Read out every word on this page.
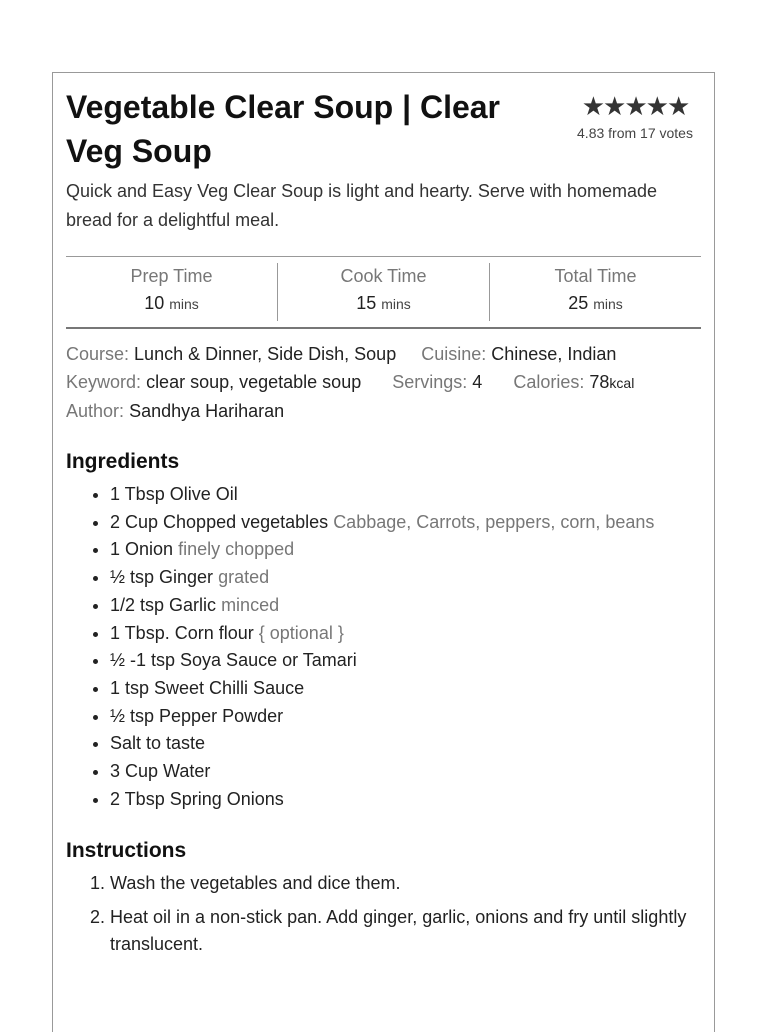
Vegetable Clear Soup | Clear Veg Soup
★★★★★
4.83 from 17 votes

Quick and Easy Veg Clear Soup is light and hearty. Serve with homemade bread for a delightful meal.

Prep Time
10 mins
Cook Time
15 mins
Total Time
25 mins
Course: Lunch & Dinner, Side Dish, Soup Cuisine: Chinese, Indian
Keyword: clear soup, vegetable soup Servings: 4 Calories: 78kcal
Author: Sandhya Hariharan
Ingredients
• 1 Tbsp Olive Oil
• 2 Cup Chopped vegetables Cabbage, Carrots, peppers, corn, beans
• 1 Onion finely chopped
• ½ tsp Ginger grated
• 1/2 tsp Garlic minced
• 1 Tbsp. Corn flour { optional }
• ½ -1 tsp Soya Sauce or Tamari
• 1 tsp Sweet Chilli Sauce
• ½ tsp Pepper Powder
• Salt to taste
• 3 Cup Water
• 2 Tbsp Spring Onions
Instructions
1. Wash the vegetables and dice them.
2. Heat oil in a non-stick pan. Add ginger, garlic, onions and fry until slightly translucent.
